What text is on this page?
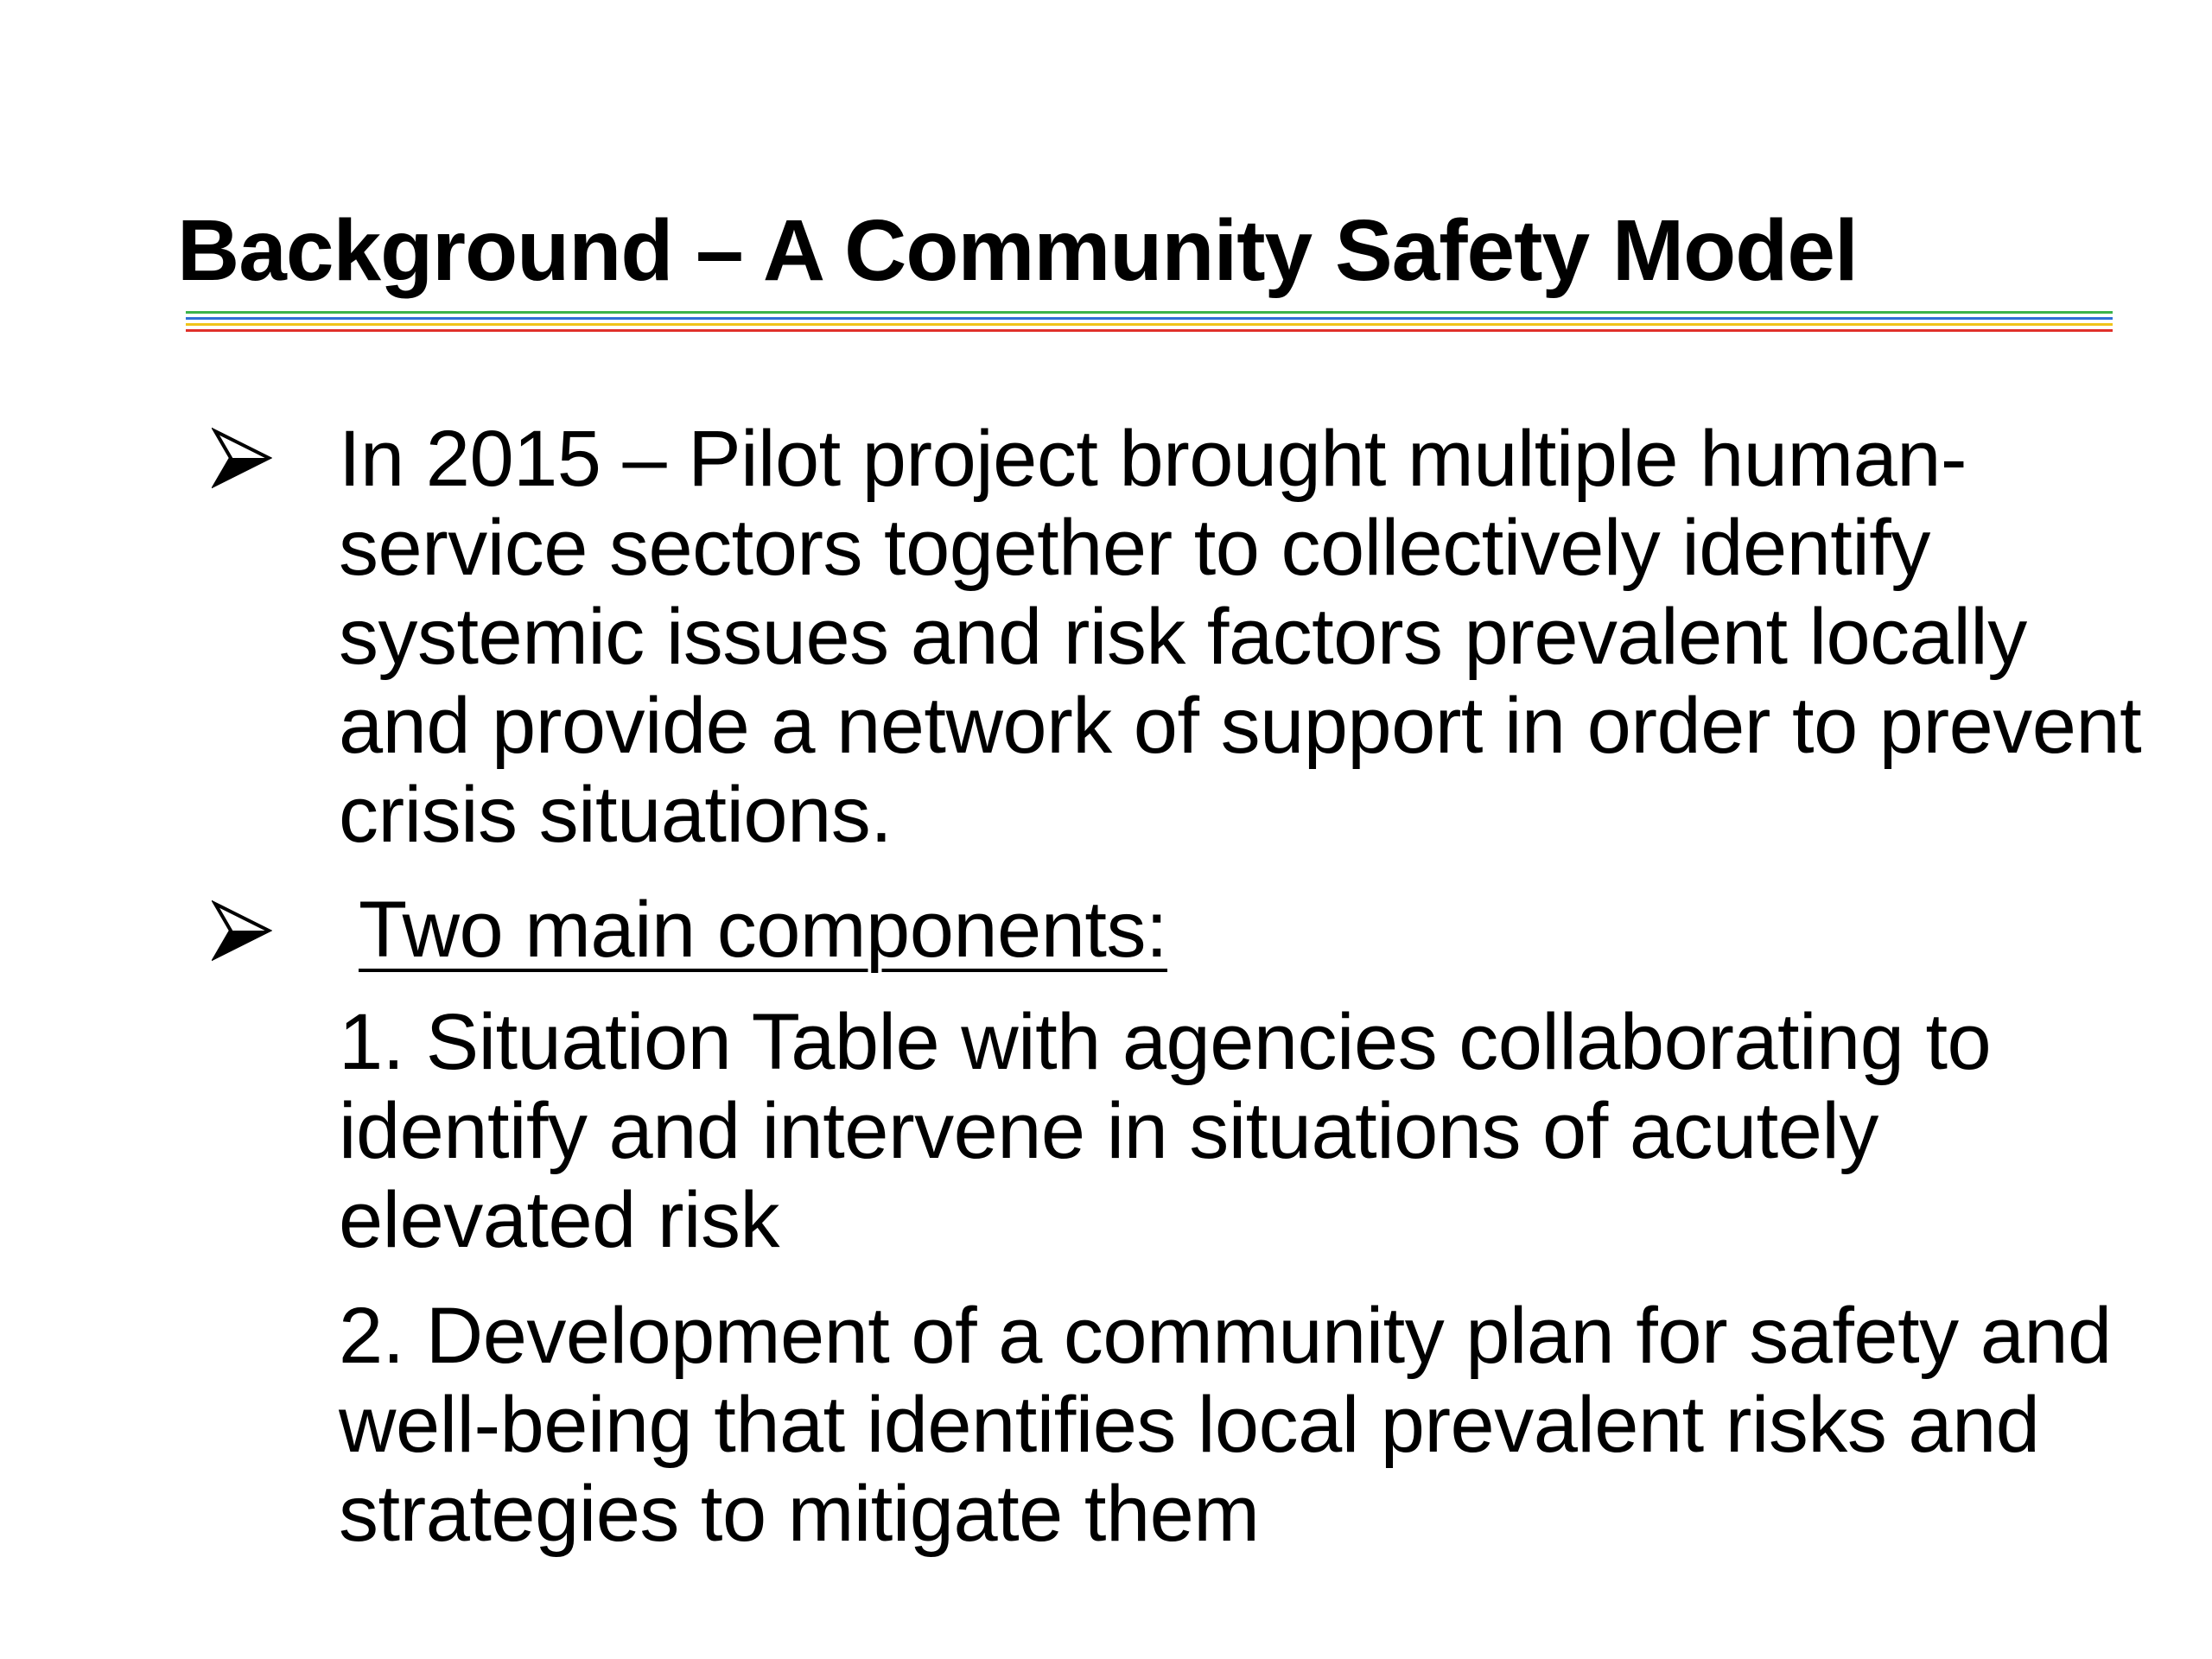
Background – A Community Safety Model

In 2015 – Pilot project brought multiple human-service sectors together to collectively identify systemic issues and risk factors prevalent locally and provide a network of support in order to prevent crisis situations.

Two main components:

1. Situation Table with agencies collaborating to identify and intervene in situations of acutely elevated risk

2. Development of a community plan for safety and well-being that identifies local prevalent risks and strategies to mitigate them
